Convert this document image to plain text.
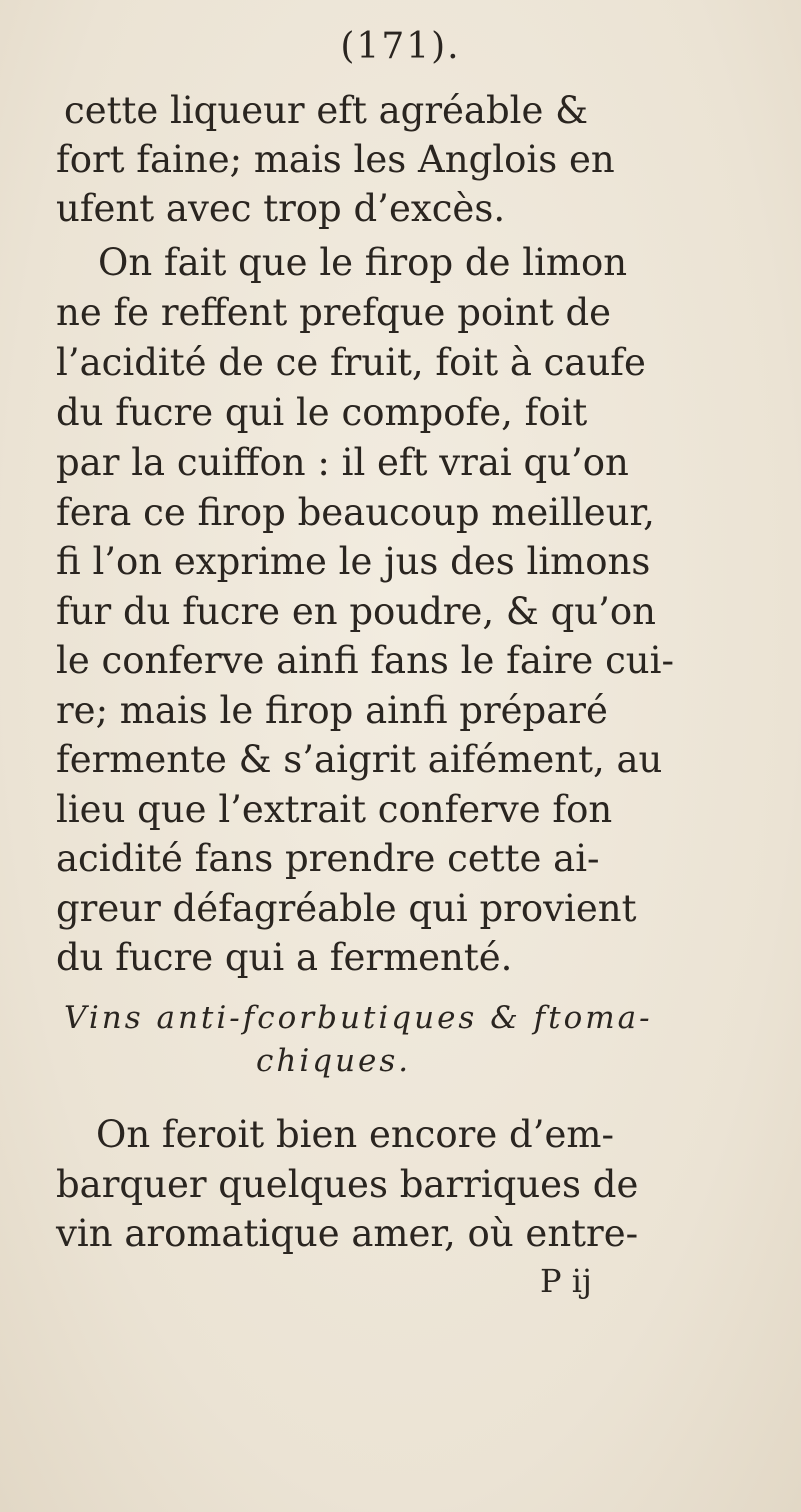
(171).
cette liqueur eft agréable &
fort faine; mais les Anglois en
ufent avec trop d’excès.
On fait que le firop de limon
ne fe reffent prefque point de
l’acidité de ce fruit, foit à caufe
du fucre qui le compofe, foit
par la cuiffon : il eft vrai qu’on
fera ce firop beaucoup meilleur,
fi l’on exprime le jus des limons
fur du fucre en poudre, & qu’on
le conferve ainfi fans le faire cui-
re; mais le firop ainfi préparé
fermente & s’aigrit aifément, au
lieu que l’extrait conferve fon
acidité fans prendre cette ai-
greur défagréable qui provient
du fucre qui a fermenté.
Vins anti-fcorbutiques & ftoma-
chiques.
On feroit bien encore d’em-
barquer quelques barriques de
vin aromatique amer, où entre-
P ij
